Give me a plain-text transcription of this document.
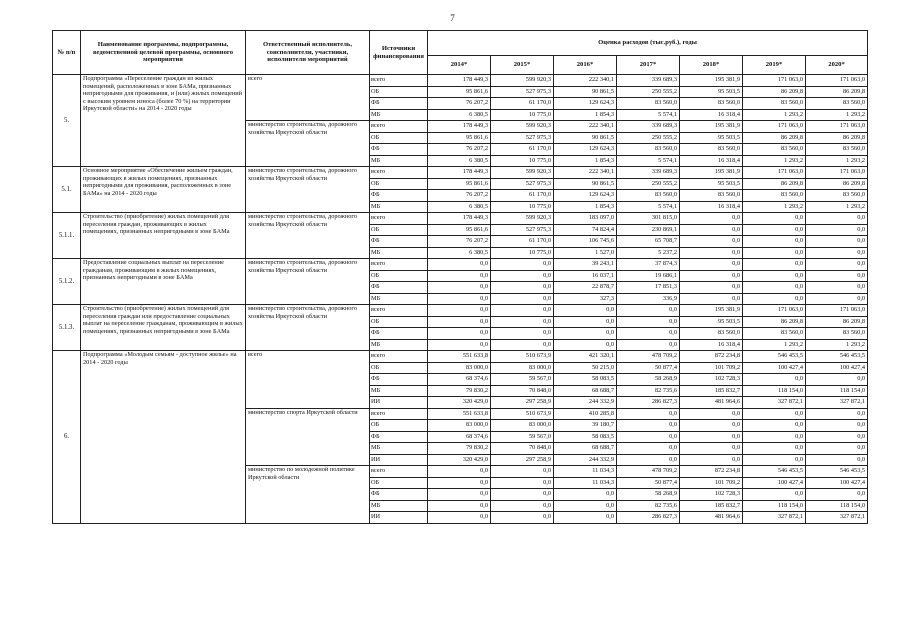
7
№ п/п	Наименование программы, подпрограммы, ведомственной целевой программы, основного мероприятия	Ответственный исполнитель, соисполнители, участники, исполнители мероприятий	Источники финансирования	Оценка расходов (тыс.руб.), годы						
				2014*	2015*	2016*	2017*	2018*	2019*	2020*
5.	Подпрограмма «Переселение граждан из жилых помещений, расположенных в зоне БАМа, признанных непригодными для проживания, и (или) жилых помещений с высоким уровнем износа (более 70 %) на территории Иркутской области» на 2014 - 2020 годы	всего	всего	178 449,3	599 920,3	222 340,1	339 689,3	195 381,9	171 063,0	171 063,0
			ОБ	95 861,6	527 975,3	90 861,5	250 555,2	95 503,5	86 209,8	86 209,8
			ФБ	76 207,2	61 170,0	129 624,3	83 560,0	83 560,0	83 560,0	83 560,0
			МБ	6 380,5	10 775,0	1 854,3	5 574,1	16 318,4	1 293,2	1 293,2
		министерство строительства, дорожного хозяйства Иркутской области	всего	178 449,3	599 920,3	222 340,1	339 689,3	195 381,9	171 063,0	171 063,0
			ОБ	95 861,6	527 975,3	90 861,5	250 555,2	95 503,5	86 209,8	86 209,8
			ФБ	76 207,2	61 170,0	129 624,3	83 560,0	83 560,0	83 560,0	83 560,0
			МБ	6 380,5	10 775,0	1 854,3	5 574,1	16 318,4	1 293,2	1 293,2
5.1.	Основное мероприятие «Обеспечение жильем граждан, проживающих в жилых помещениях, признанных непригодными для проживания, расположенных в зоне БАМа» на 2014 - 2020 годы	министерство строительства, дорожного хозяйства Иркутской области	всего	178 449,3	599 920,3	222 340,1	339 689,3	195 381,9	171 063,0	171 063,0
			ОБ	95 861,6	527 975,3	90 861,5	250 555,2	95 503,5	86 209,8	86 209,8
			ФБ	76 207,2	61 170,0	129 624,3	83 560,0	83 560,0	83 560,0	83 560,0
			МБ	6 380,5	10 775,0	1 854,3	5 574,1	16 318,4	1 293,2	1 293,2
5.1.1.	Строительство (приобретение) жилых помещений для переселения граждан, проживающих в жилых помещениях, признанных непригодными в зоне БАМа	министерство строительства, дорожного хозяйства Иркутской области	всего	178 449,3	599 920,3	183 097,0	301 815,0	0,0	0,0	0,0
			ОБ	95 861,6	527 975,3	74 824,4	230 869,1	0,0	0,0	0,0
			ФБ	76 207,2	61 170,0	106 745,6	65 708,7	0,0	0,0	0,0
			МБ	6 380,5	10 775,0	1 527,0	5 237,2	0,0	0,0	0,0
5.1.2.	Предоставление социальных выплат на переселение гражданам, проживающим в жилых помещениях, признанных непригодными в зоне БАМа	министерство строительства, дорожного хозяйства Иркутской области	всего	0,0	0,0	39 243,1	37 874,3	0,0	0,0	0,0
			ОБ	0,0	0,0	16 037,1	19 686,1	0,0	0,0	0,0
			ФБ	0,0	0,0	22 878,7	17 851,3	0,0	0,0	0,0
			МБ	0,0	0,0	327,3	336,9	0,0	0,0	0,0
5.1.3.	Строительство (приобретение) жилых помещений для переселения граждан или предоставление социальных выплат на переселение гражданам, проживающим в жилых помещениях, признанных непригодными в зоне БАМа	министерство строительства, дорожного хозяйства Иркутской области	всего	0,0	0,0	0,0	0,0	195 381,9	171 063,0	171 063,0
			ОБ	0,0	0,0	0,0	0,0	95 503,5	86 209,8	86 209,8
			ФБ	0,0	0,0	0,0	0,0	83 560,0	83 560,0	83 560,0
			МБ	0,0	0,0	0,0	0,0	16 318,4	1 293,2	1 293,2
6.	Подпрограмма «Молодым семьям - доступное жилье» на 2014 - 2020 годы	всего	всего	551 633,8	510 673,9	421 320,1	478 709,2	872 234,8	546 453,5	546 453,5
			ОБ	83 000,0	83 000,0	50 215,0	50 877,4	101 709,2	100 427,4	100 427,4
			ФБ	68 374,6	59 567,0	58 083,5	58 268,9	102 728,3	0,0	0,0
			МБ	79 830,2	70 848,0	68 688,7	82 735,6	185 832,7	118 154,0	118 154,0
			ИИ	320 429,0	297 258,9	244 332,9	286 827,3	481 964,6	327 872,1	327 872,1
		министерство спорта Иркутской области	всего	551 633,8	510 673,9	410 285,8	0,0	0,0	0,0	0,0
			ОБ	83 000,0	83 000,0	39 180,7	0,0	0,0	0,0	0,0
			ФБ	68 374,6	59 567,0	58 083,5	0,0	0,0	0,0	0,0
			МБ	79 830,2	70 848,0	68 688,7	0,0	0,0	0,0	0,0
			ИИ	320 429,0	297 258,9	244 332,9	0,0	0,0	0,0	0,0
		министерство по молодежной политике Иркутской области	всего	0,0	0,0	11 034,3	478 709,2	872 234,8	546 453,5	546 453,5
			ОБ	0,0	0,0	11 034,3	50 877,4	101 709,2	100 427,4	100 427,4
			ФБ	0,0	0,0	0,0	58 268,9	102 728,3	0,0	0,0
			МБ	0,0	0,0	0,0	82 735,6	185 832,7	118 154,0	118 154,0
			ИИ	0,0	0,0	0,0	286 827,3	481 964,6	327 872,1	327 872,1
